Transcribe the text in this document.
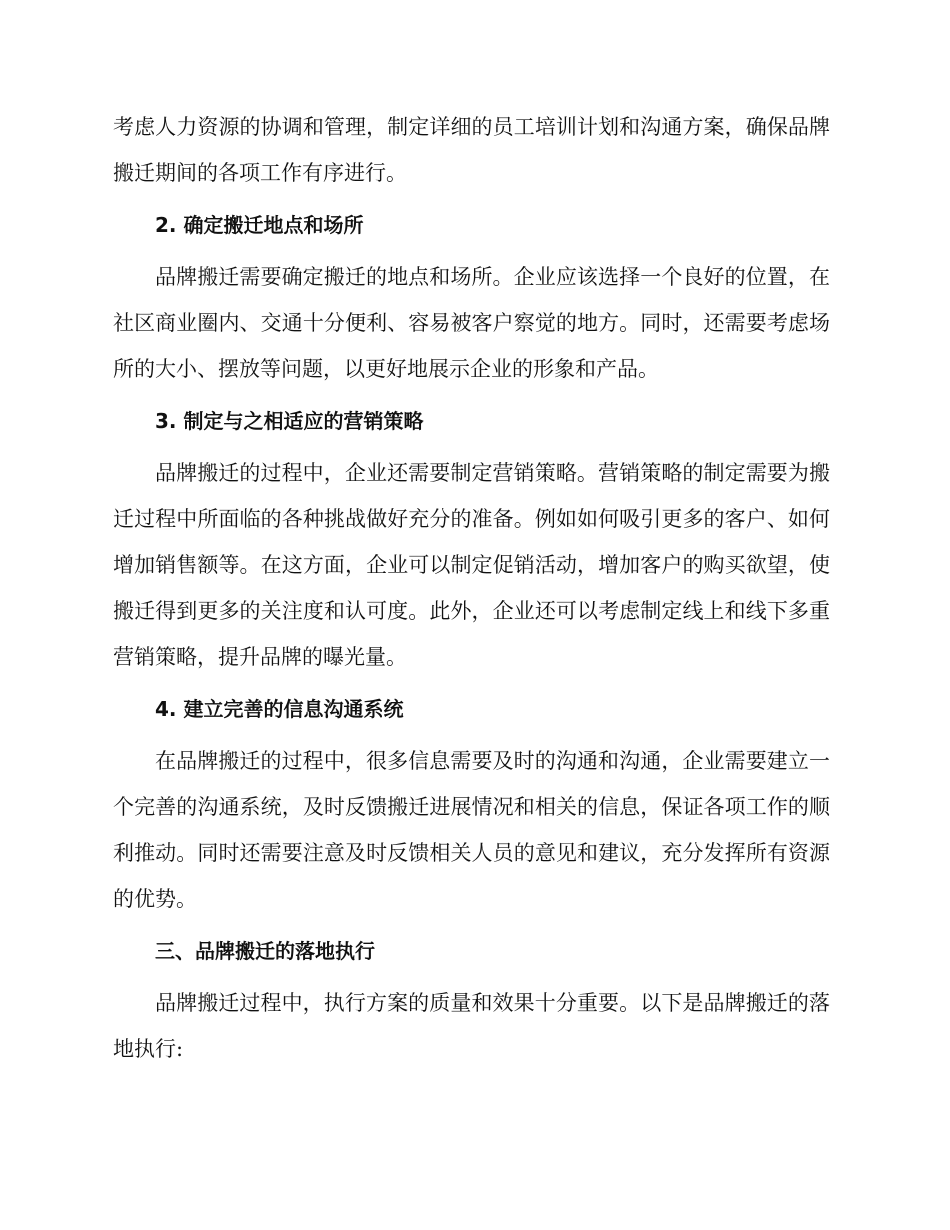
考虑人力资源的协调和管理，制定详细的员工培训计划和沟通方案，确保品牌搬迁期间的各项工作有序进行。

2. 确定搬迁地点和场所

品牌搬迁需要确定搬迁的地点和场所。企业应该选择一个良好的位置，在社区商业圈内、交通十分便利、容易被客户察觉的地方。同时，还需要考虑场所的大小、摆放等问题，以更好地展示企业的形象和产品。

3. 制定与之相适应的营销策略

品牌搬迁的过程中，企业还需要制定营销策略。营销策略的制定需要为搬迁过程中所面临的各种挑战做好充分的准备。例如如何吸引更多的客户、如何增加销售额等。在这方面，企业可以制定促销活动，增加客户的购买欲望，使搬迁得到更多的关注度和认可度。此外，企业还可以考虑制定线上和线下多重营销策略，提升品牌的曝光量。

4. 建立完善的信息沟通系统

在品牌搬迁的过程中，很多信息需要及时的沟通和沟通，企业需要建立一个完善的沟通系统，及时反馈搬迁进展情况和相关的信息，保证各项工作的顺利推动。同时还需要注意及时反馈相关人员的意见和建议，充分发挥所有资源的优势。

三、品牌搬迁的落地执行

品牌搬迁过程中，执行方案的质量和效果十分重要。以下是品牌搬迁的落地执行:
